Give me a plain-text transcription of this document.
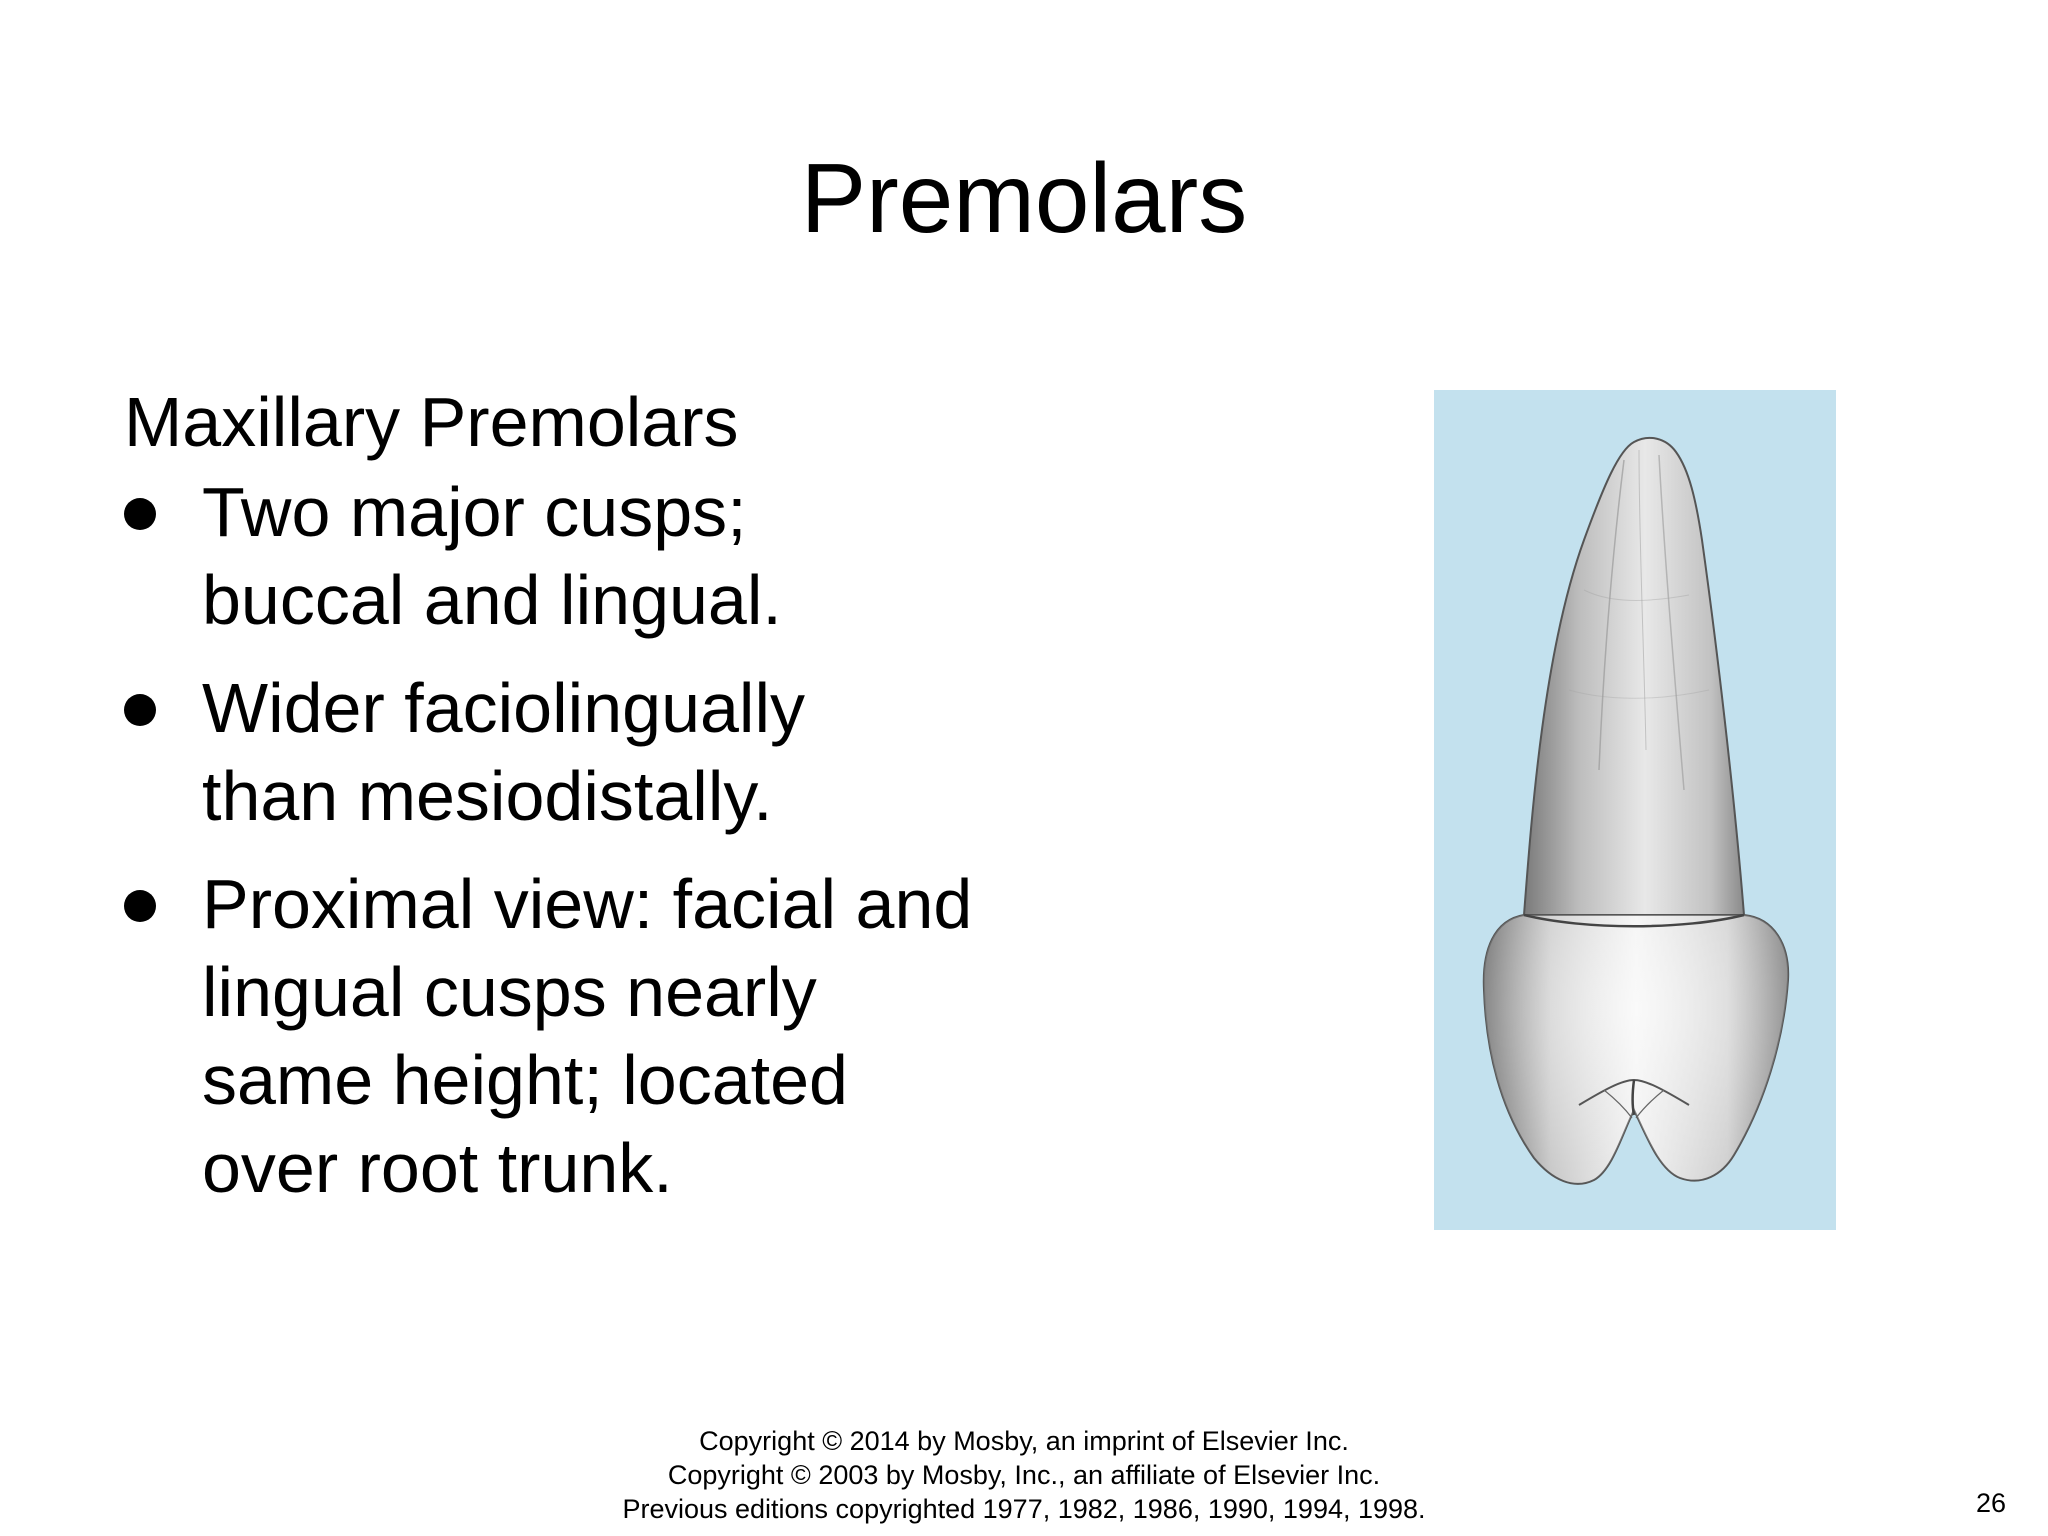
Premolars
Maxillary Premolars
Two major cusps; buccal and lingual.
Wider faciolingually than mesiodistally.
Proximal view: facial and lingual cusps nearly same height; located over root trunk.
Copyright © 2014 by Mosby, an imprint of Elsevier Inc.
Copyright © 2003 by Mosby, Inc., an affiliate of Elsevier Inc.
Previous editions copyrighted 1977, 1982, 1986, 1990, 1994, 1998.	26
